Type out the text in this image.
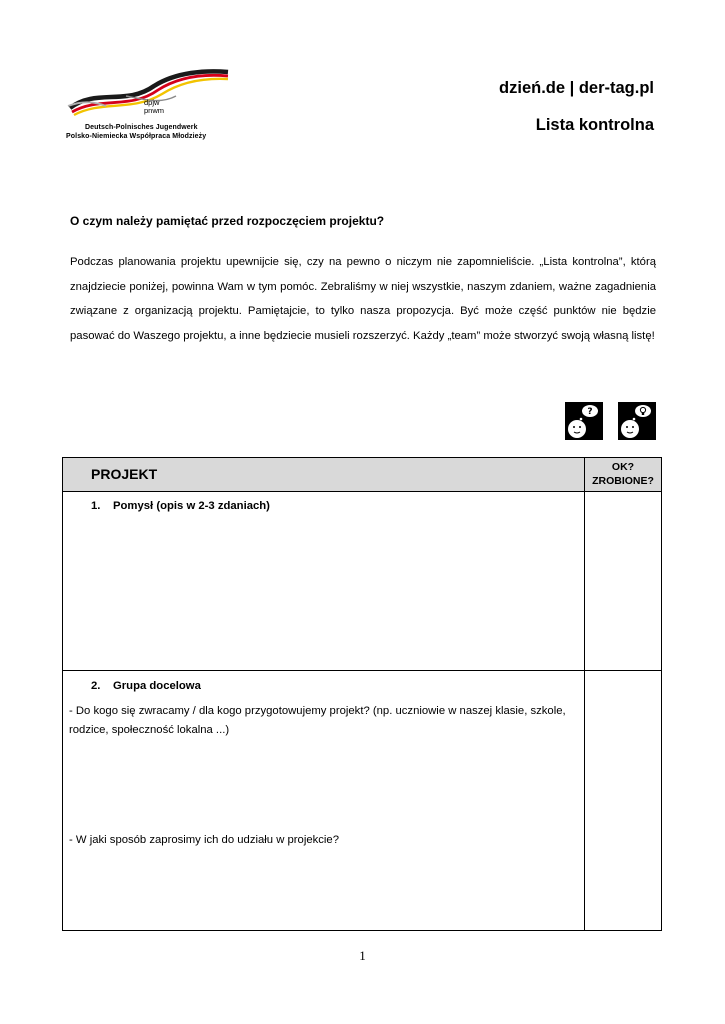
dpjw
pnwm
Deutsch-Polnisches Jugendwerk
Polsko-Niemiecka Współpraca Młodzieży
dzień.de | der-tag.pl
Lista kontrolna
O czym należy pamiętać przed rozpoczęciem projektu?
Podczas planowania projektu upewnijcie się, czy na pewno o niczym nie zapomnieliście. „Lista kontrolna”, którą znajdziecie poniżej, powinna Wam w tym pomóc. Zebraliśmy w niej wszystkie, naszym zdaniem, ważne zagadnienia związane z organizacją projektu. Pamiętajcie, to tylko nasza propozycja. Być może część punktów nie będzie pasować do Waszego projektu, a inne będziecie musieli rozszerzyć. Każdy „team” może stworzyć swoją własną listę!
?
PROJEKT	OK?
ZROBIONE?
1. Pomysł (opis w 2-3 zdaniach)
2. Grupa docelowa
- Do kogo się zwracamy / dla kogo przygotowujemy projekt? (np. uczniowie w naszej klasie, szkole, rodzice, społeczność lokalna ...)
- W jaki sposób zaprosimy ich do udziału w projekcie?
1
